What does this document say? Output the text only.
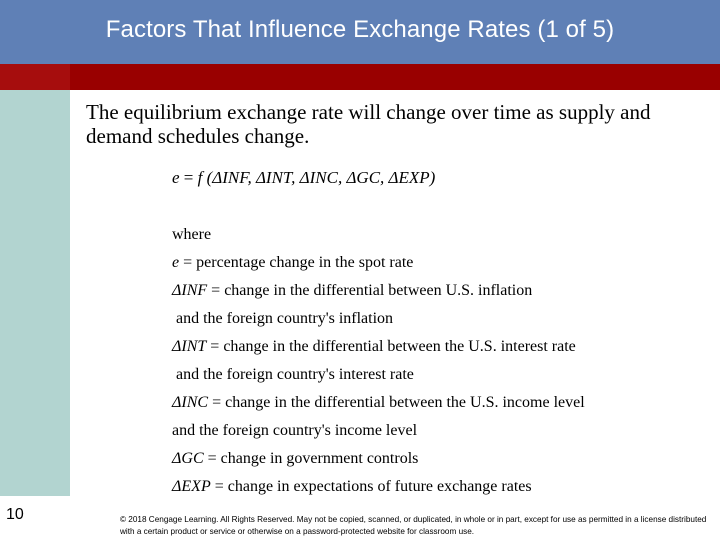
Factors That Influence Exchange Rates (1 of 5)
The equilibrium exchange rate will change over time as supply and demand schedules change.
e = f (ΔINF, ΔINT, ΔINC, ΔGC, ΔEXP)
where
e = percentage change in the spot rate
ΔINF = change in the differential between U.S. inflation
and the foreign country's inflation
ΔINT = change in the differential between the U.S. interest rate
and the foreign country's interest rate
ΔINC = change in the differential between the U.S. income level
and the foreign country's income level
ΔGC = change in government controls
ΔEXP = change in expectations of future exchange rates
10	© 2018 Cengage Learning. All Rights Reserved. May not be copied, scanned, or duplicated, in whole or in part, except for use as permitted in a license distributed with a certain product or service or otherwise on a password-protected website for classroom use.
